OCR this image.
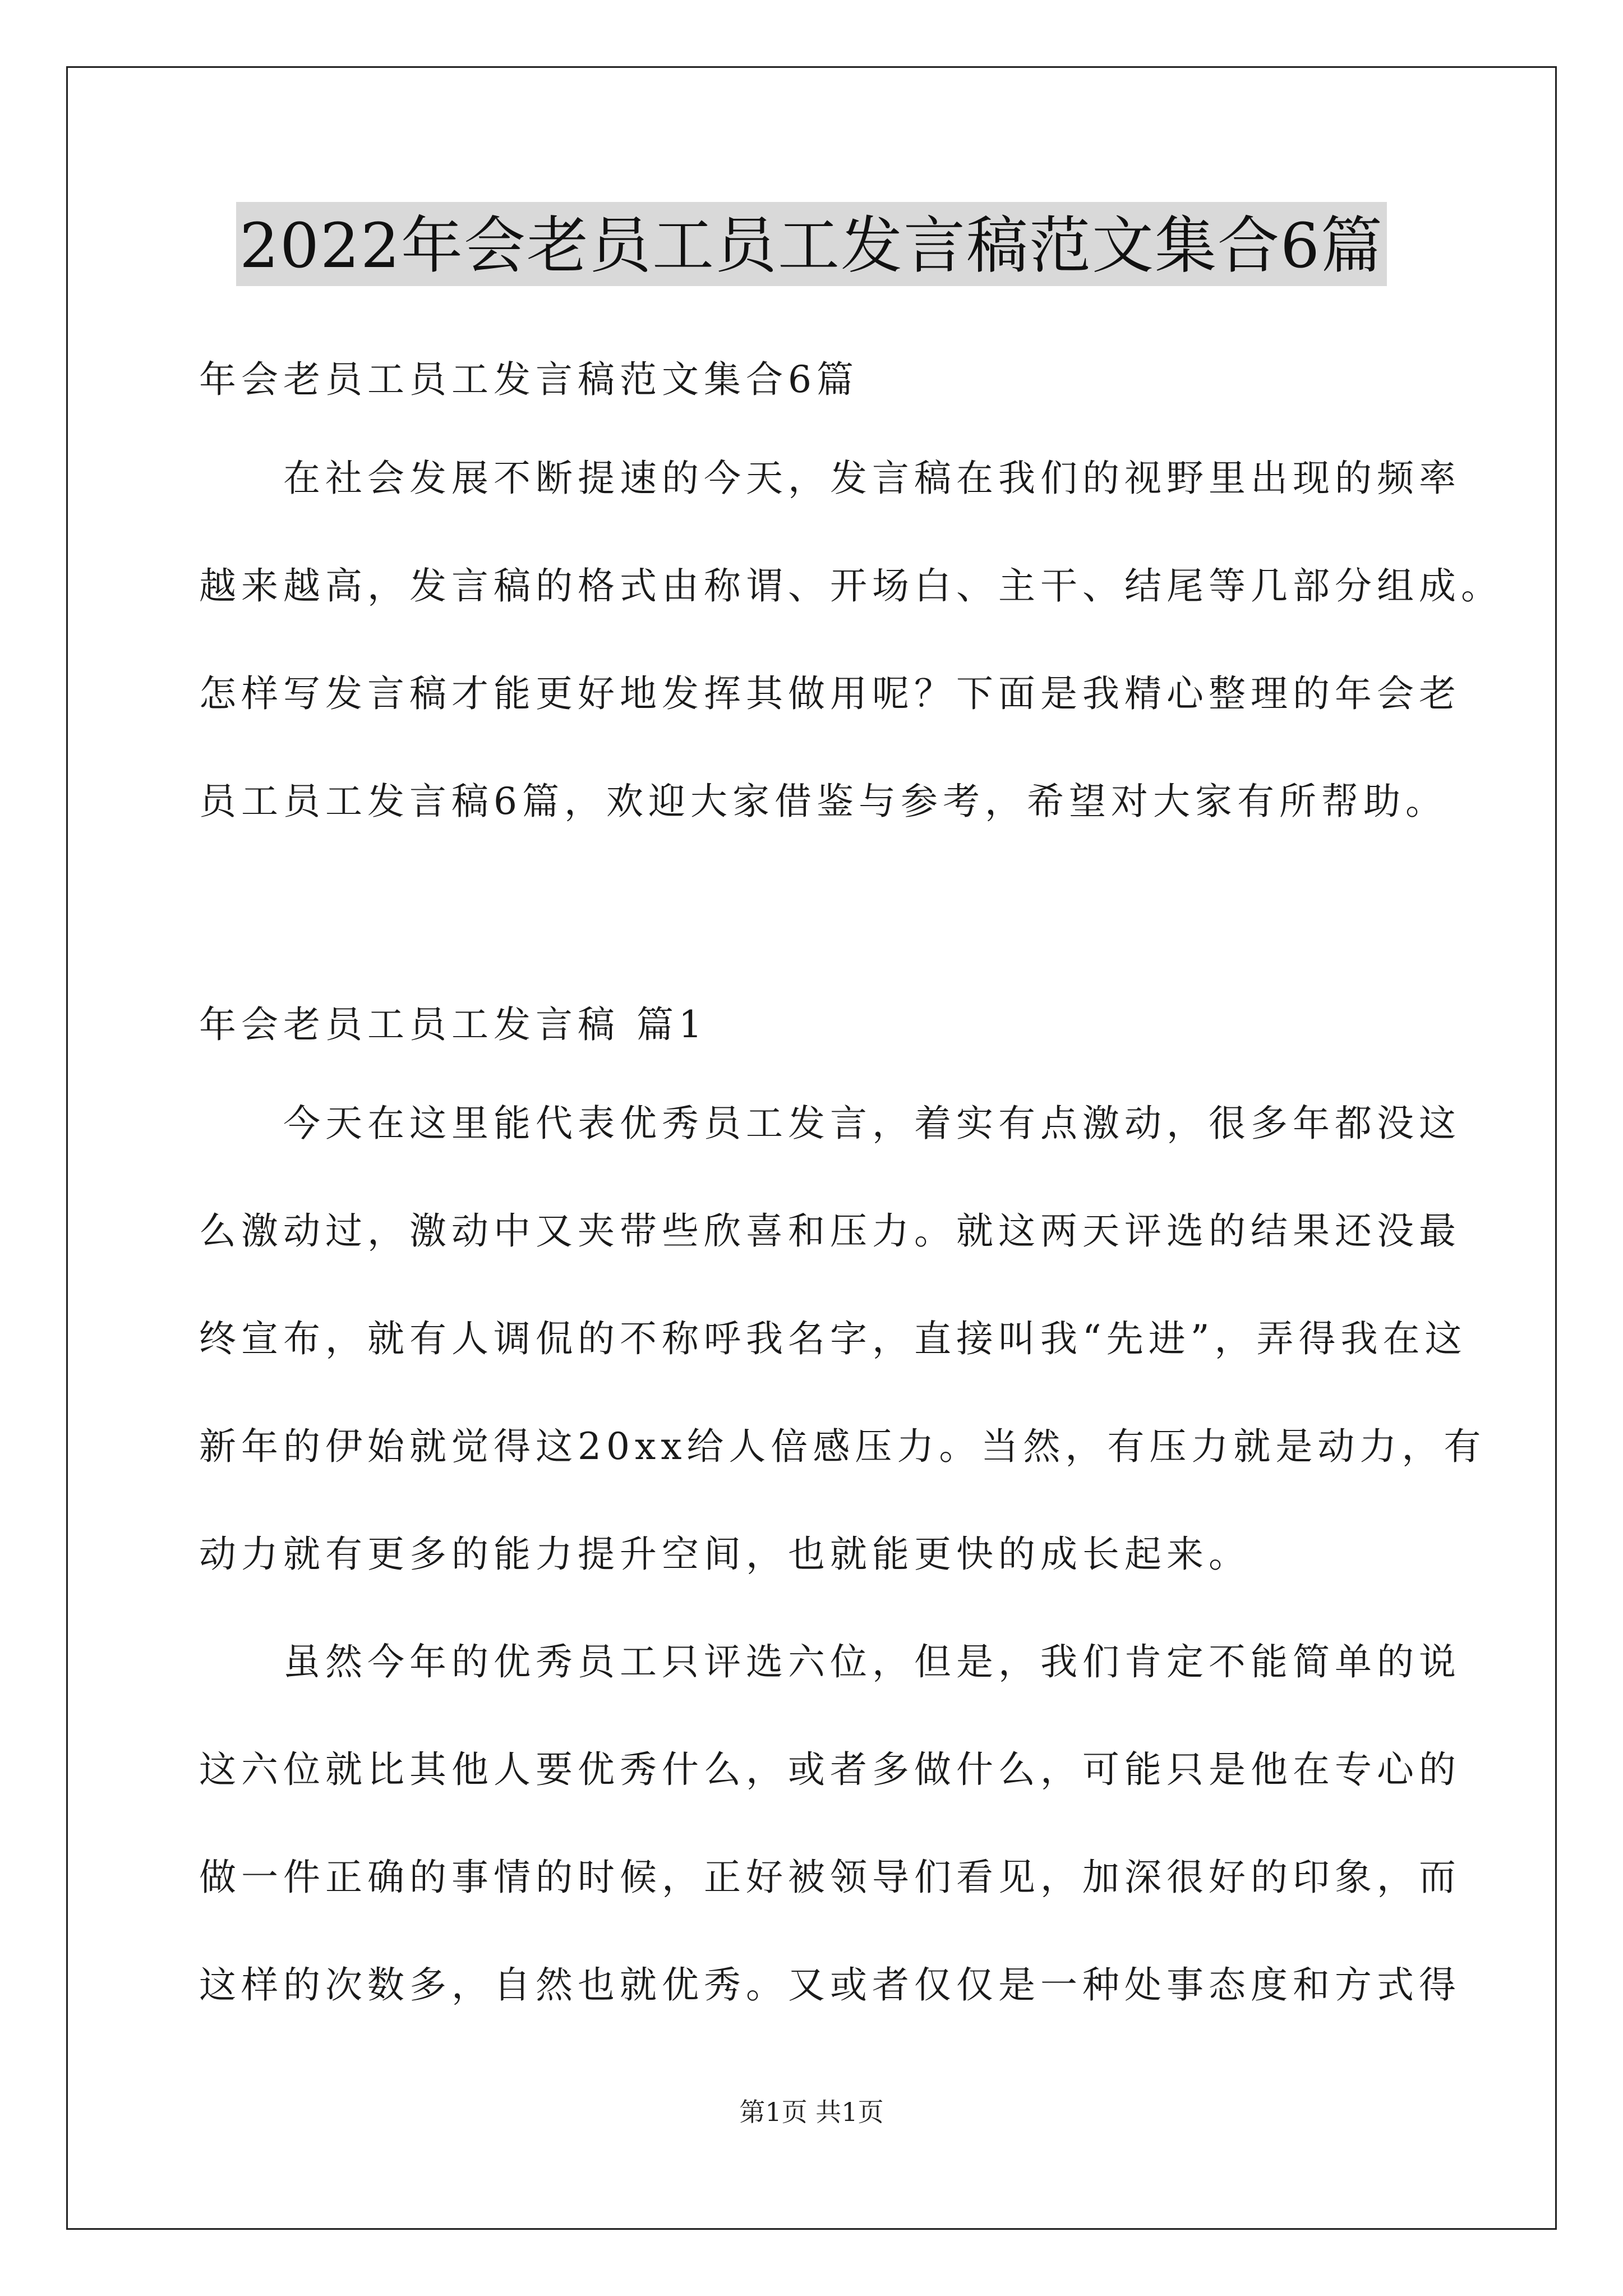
2022年会老员工员工发言稿范文集合6篇
年会老员工员工发言稿范文集合6篇
在社会发展不断提速的今天，发言稿在我们的视野里出现的频率
越来越高，发言稿的格式由称谓、开场白、主干、结尾等几部分组成。
怎样写发言稿才能更好地发挥其做用呢？下面是我精心整理的年会老
员工员工发言稿6篇，欢迎大家借鉴与参考，希望对大家有所帮助。
年会老员工员工发言稿 篇1
今天在这里能代表优秀员工发言，着实有点激动，很多年都没这
么激动过，激动中又夹带些欣喜和压力。就这两天评选的结果还没最
终宣布，就有人调侃的不称呼我名字，直接叫我“先进”，弄得我在这
新年的伊始就觉得这20xx给人倍感压力。当然，有压力就是动力，有
动力就有更多的能力提升空间，也就能更快的成长起来。
虽然今年的优秀员工只评选六位，但是，我们肯定不能简单的说
这六位就比其他人要优秀什么，或者多做什么，可能只是他在专心的
做一件正确的事情的时候，正好被领导们看见，加深很好的印象，而
这样的次数多，自然也就优秀。又或者仅仅是一种处事态度和方式得
第1页 共1页
